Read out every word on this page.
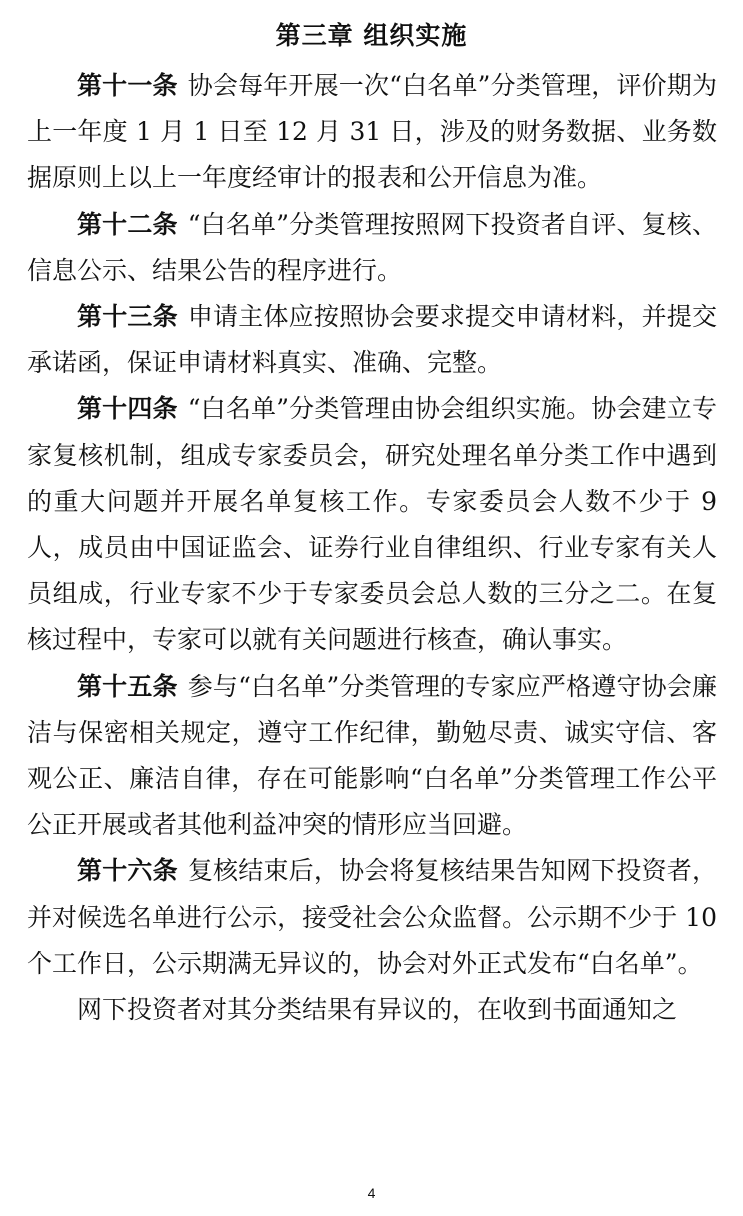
第三章 组织实施

第十一条 协会每年开展一次“白名单”分类管理，评价期为上一年度 1 月 1 日至 12 月 31 日，涉及的财务数据、业务数据原则上以上一年度经审计的报表和公开信息为准。

第十二条 “白名单”分类管理按照网下投资者自评、复核、信息公示、结果公告的程序进行。

第十三条 申请主体应按照协会要求提交申请材料，并提交承诺函，保证申请材料真实、准确、完整。

第十四条 “白名单”分类管理由协会组织实施。协会建立专家复核机制，组成专家委员会，研究处理名单分类工作中遇到的重大问题并开展名单复核工作。专家委员会人数不少于 9 人，成员由中国证监会、证券行业自律组织、行业专家有关人员组成，行业专家不少于专家委员会总人数的三分之二。在复核过程中，专家可以就有关问题进行核查，确认事实。

第十五条 参与“白名单”分类管理的专家应严格遵守协会廉洁与保密相关规定，遵守工作纪律，勤勉尽责、诚实守信、客观公正、廉洁自律，存在可能影响“白名单”分类管理工作公平公正开展或者其他利益冲突的情形应当回避。

第十六条 复核结束后，协会将复核结果告知网下投资者，并对候选名单进行公示，接受社会公众监督。公示期不少于 10 个工作日，公示期满无异议的，协会对外正式发布“白名单”。

网下投资者对其分类结果有异议的，在收到书面通知之

4
